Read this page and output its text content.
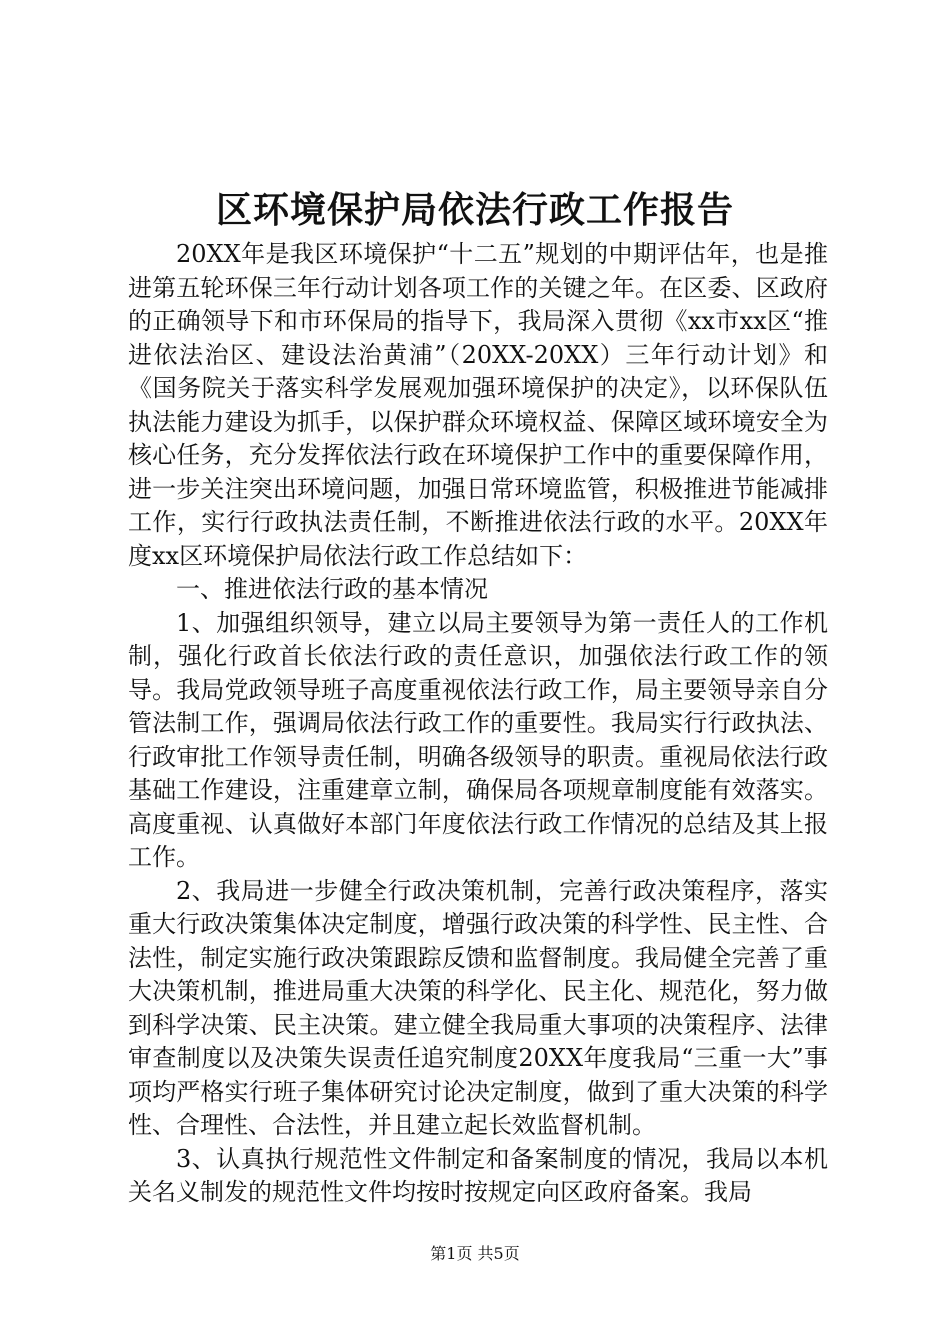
区环境保护局依法行政工作报告

20XX年是我区环境保护“十二五”规划的中期评估年，也是推进第五轮环保三年行动计划各项工作的关键之年。在区委、区政府的正确领导下和市环保局的指导下，我局深入贯彻《xx市xx区“推进依法治区、建设法治黄浦”（20XX-20XX）三年行动计划》和《国务院关于落实科学发展观加强环境保护的决定》，以环保队伍执法能力建设为抓手，以保护群众环境权益、保障区域环境安全为核心任务，充分发挥依法行政在环境保护工作中的重要保障作用，进一步关注突出环境问题，加强日常环境监管，积极推进节能减排工作，实行行政执法责任制，不断推进依法行政的水平。20XX年度xx区环境保护局依法行政工作总结如下：

一、推进依法行政的基本情况

1、加强组织领导，建立以局主要领导为第一责任人的工作机制，强化行政首长依法行政的责任意识，加强依法行政工作的领导。我局党政领导班子高度重视依法行政工作，局主要领导亲自分管法制工作，强调局依法行政工作的重要性。我局实行行政执法、行政审批工作领导责任制，明确各级领导的职责。重视局依法行政基础工作建设，注重建章立制，确保局各项规章制度能有效落实。高度重视、认真做好本部门年度依法行政工作情况的总结及其上报工作。

2、我局进一步健全行政决策机制，完善行政决策程序，落实重大行政决策集体决定制度，增强行政决策的科学性、民主性、合法性，制定实施行政决策跟踪反馈和监督制度。我局健全完善了重大决策机制，推进局重大决策的科学化、民主化、规范化，努力做到科学决策、民主决策。建立健全我局重大事项的决策程序、法律审查制度以及决策失误责任追究制度20XX年度我局“三重一大”事项均严格实行班子集体研究讨论决定制度，做到了重大决策的科学性、合理性、合法性，并且建立起长效监督机制。

3、认真执行规范性文件制定和备案制度的情况，我局以本机关名义制发的规范性文件均按时按规定向区政府备案。我局

第1页 共5页
